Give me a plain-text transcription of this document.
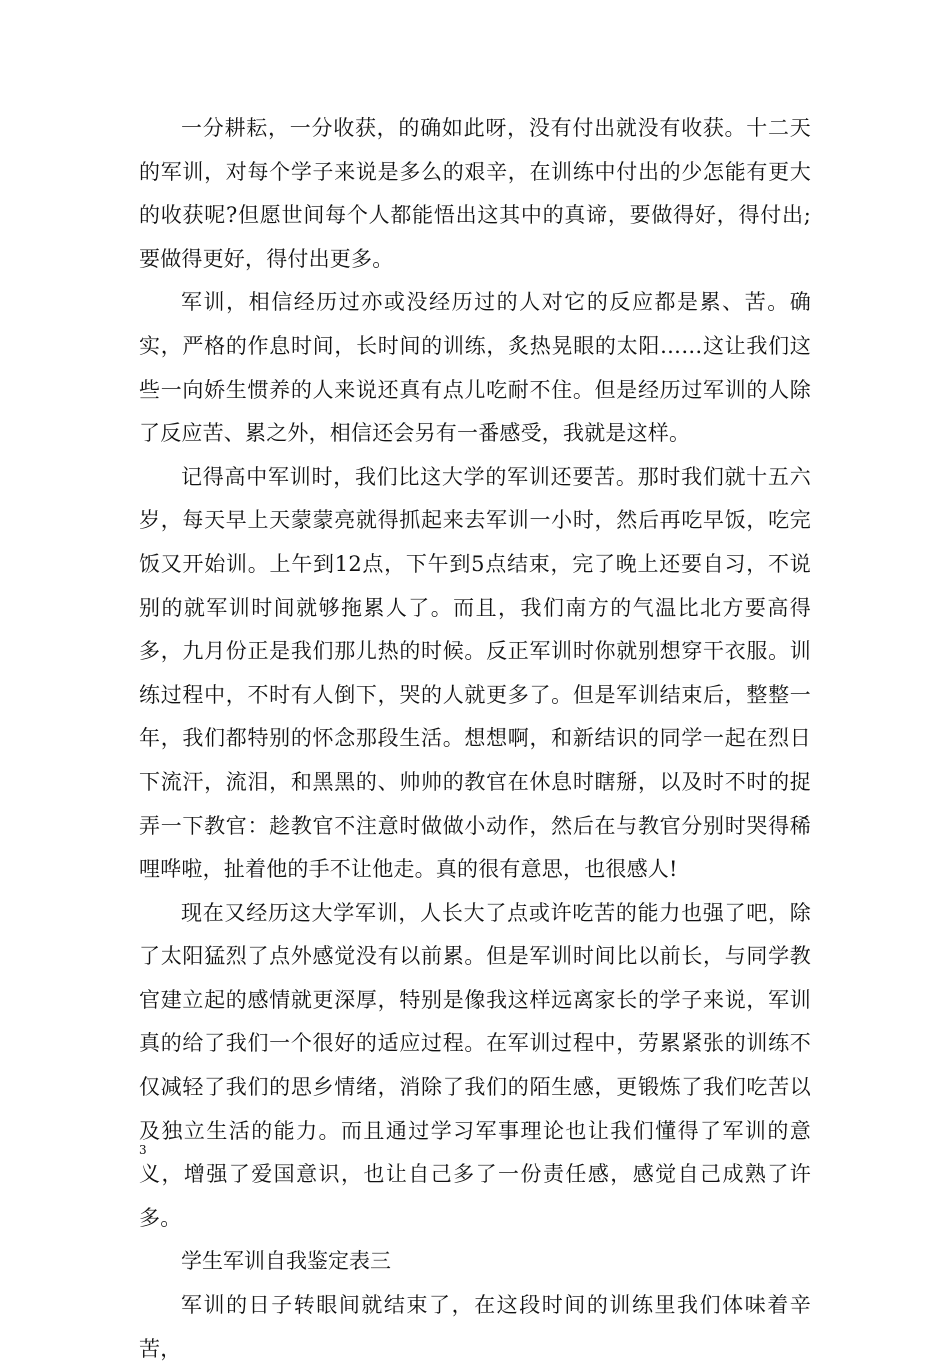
一分耕耘，一分收获，的确如此呀，没有付出就没有收获。十二天的军训，对每个学子来说是多么的艰辛，在训练中付出的少怎能有更大的收获呢?但愿世间每个人都能悟出这其中的真谛，要做得好，得付出;要做得更好，得付出更多。

军训，相信经历过亦或没经历过的人对它的反应都是累、苦。确实，严格的作息时间，长时间的训练，炙热晃眼的太阳……这让我们这些一向娇生惯养的人来说还真有点儿吃耐不住。但是经历过军训的人除了反应苦、累之外，相信还会另有一番感受，我就是这样。

记得高中军训时，我们比这大学的军训还要苦。那时我们就十五六岁，每天早上天蒙蒙亮就得抓起来去军训一小时，然后再吃早饭，吃完饭又开始训。上午到12点，下午到5点结束，完了晚上还要自习，不说别的就军训时间就够拖累人了。而且，我们南方的气温比北方要高得多，九月份正是我们那儿热的时候。反正军训时你就别想穿干衣服。训练过程中，不时有人倒下，哭的人就更多了。但是军训结束后，整整一年，我们都特别的怀念那段生活。想想啊，和新结识的同学一起在烈日下流汗，流泪，和黑黑的、帅帅的教官在休息时瞎掰，以及时不时的捉弄一下教官：趁教官不注意时做做小动作，然后在与教官分别时哭得稀哩哗啦，扯着他的手不让他走。真的很有意思，也很感人!

现在又经历这大学军训，人长大了点或许吃苦的能力也强了吧，除了太阳猛烈了点外感觉没有以前累。但是军训时间比以前长，与同学教官建立起的感情就更深厚，特别是像我这样远离家长的学子来说，军训真的给了我们一个很好的适应过程。在军训过程中，劳累紧张的训练不仅减轻了我们的思乡情绪，消除了我们的陌生感，更锻炼了我们吃苦以及独立生活的能力。而且通过学习军事理论也让我们懂得了军训的意义，增强了爱国意识，也让自己多了一份责任感，感觉自己成熟了许多。

学生军训自我鉴定表三

军训的日子转眼间就结束了，在这段时间的训练里我们体味着辛苦，

3
